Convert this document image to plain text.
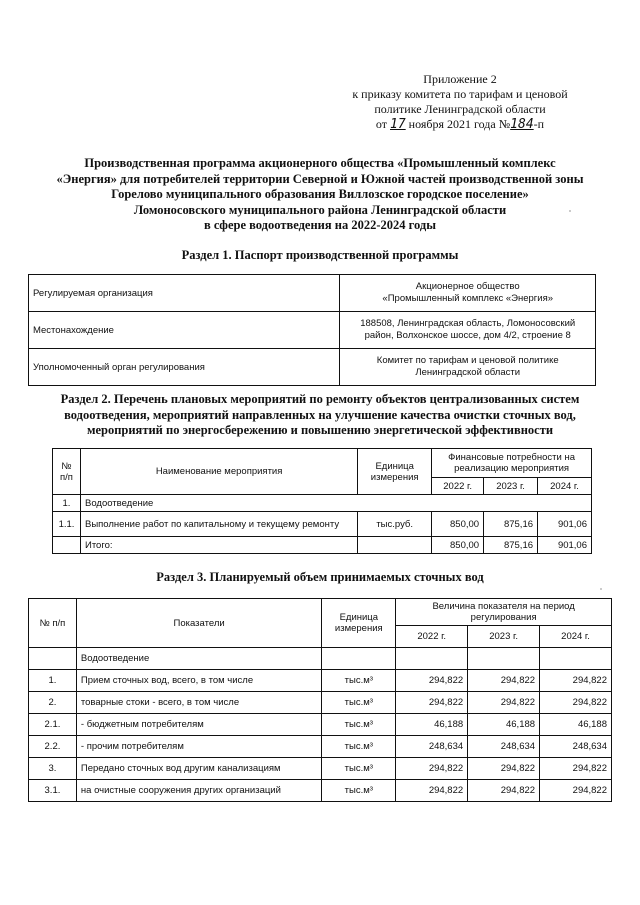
Приложение 2
к приказу комитета по тарифам и ценовой
политике Ленинградской области
от 17 ноября 2021 года №184-п
Производственная программа акционерного общества «Промышленный комплекс
«Энергия» для потребителей территории Северной и Южной частей производственной зоны
Горелово муниципального образования Виллозское городское поселение»
Ломоносовского муниципального района Ленинградской области
в сфере водоотведения на 2022-2024 годы
Раздел 1. Паспорт производственной программы
Регулируемая организация	Акционерное общество
«Промышленный комплекс «Энергия»

Местонахождение	188508, Ленинградская область, Ломоносовский
район, Волхонское шоссе, дом 4/2, строение 8

Уполномоченный орган регулирования	Комитет по тарифам и ценовой политике
Ленинградской области
Раздел 2. Перечень плановых мероприятий по ремонту объектов централизованных систем
водоотведения, мероприятий направленных на улучшение качества очистки сточных вод,
мероприятий по энергосбережению и повышению энергетической эффективности
№ п/п	Наименование мероприятия	Единица измерения	Финансовые потребности на реализацию мероприятия		
			2022 г.	2023 г.	2024 г.
1.	Водоотведение				
1.1.	Выполнение работ по капитальному и текущему ремонту	тыс.руб.	850,00	875,16	901,06
	Итого:		850,00	875,16	901,06
Раздел 3. Планируемый объем принимаемых сточных вод
№ п/п	Показатели	Единица измерения	Величина показателя на период регулирования		
			2022 г.	2023 г.	2024 г.
	Водоотведение				
1.	Прием сточных вод, всего, в том числе	тыс.м³	294,822	294,822	294,822
2.	товарные стоки - всего, в том числе	тыс.м³	294,822	294,822	294,822
2.1.	- бюджетным потребителям	тыс.м³	46,188	46,188	46,188
2.2.	- прочим потребителям	тыс.м³	248,634	248,634	248,634
3.	Передано сточных вод другим канализациям	тыс.м³	294,822	294,822	294,822
3.1.	на очистные сооружения других организаций	тыс.м³	294,822	294,822	294,822
